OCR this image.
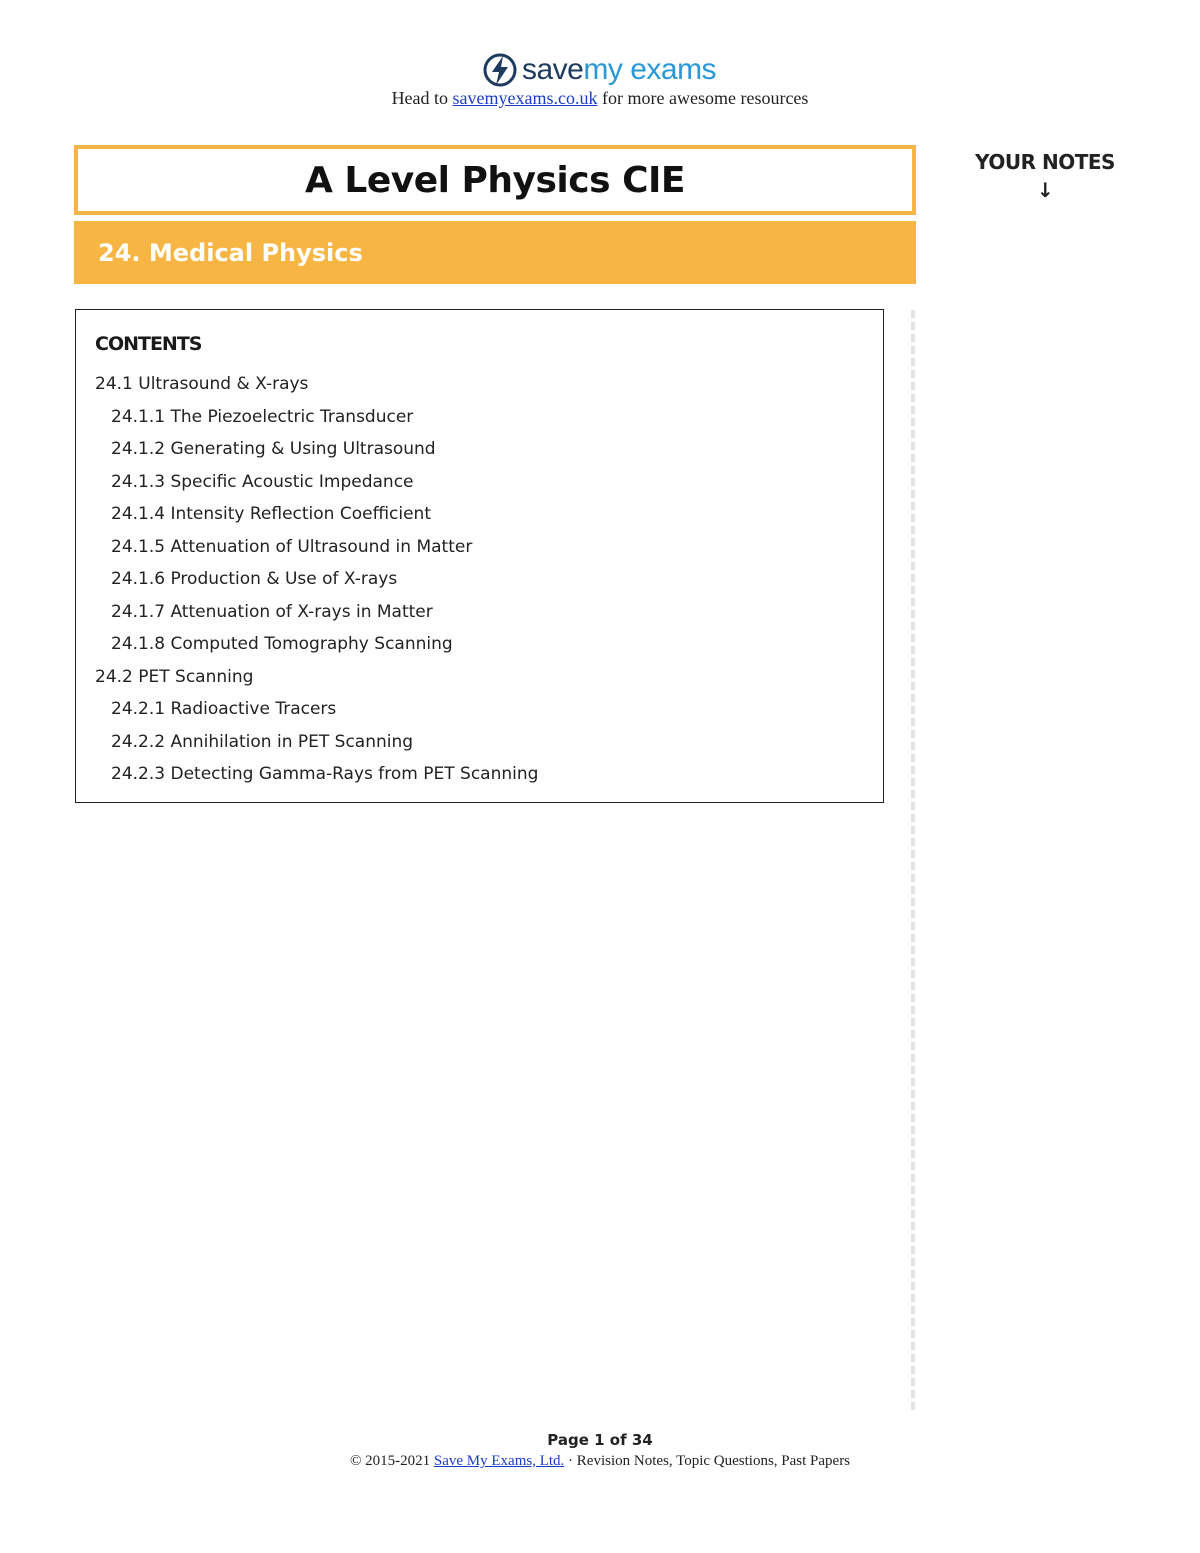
savemy exams
Head to savemyexams.co.uk for more awesome resources
A Level Physics CIE	YOUR NOTES
↓
24. Medical Physics
CONTENTS
24.1 Ultrasound & X-rays
24.1.1 The Piezoelectric Transducer
24.1.2 Generating & Using Ultrasound
24.1.3 Specific Acoustic Impedance
24.1.4 Intensity Reflection Coefficient
24.1.5 Attenuation of Ultrasound in Matter
24.1.6 Production & Use of X-rays
24.1.7 Attenuation of X-rays in Matter
24.1.8 Computed Tomography Scanning
24.2 PET Scanning
24.2.1 Radioactive Tracers
24.2.2 Annihilation in PET Scanning
24.2.3 Detecting Gamma-Rays from PET Scanning
Page 1 of 34
© 2015-2021 Save My Exams, Ltd. · Revision Notes, Topic Questions, Past Papers
